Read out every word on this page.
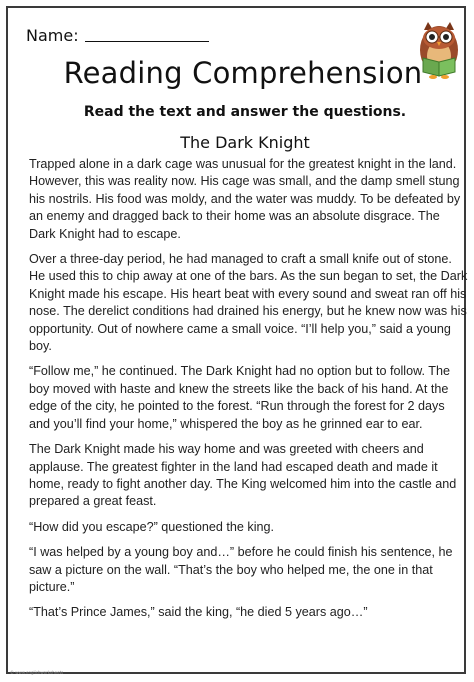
Name:
Reading Comprehension
Read the text and answer the questions.
The Dark Knight

Trapped alone in a dark cage was unusual for the greatest knight in the land. However, this was reality now. His cage was small, and the damp smell stung his nostrils. His food was moldy, and the water was muddy. To be defeated by an enemy and dragged back to their home was an absolute disgrace. The Dark Knight had to escape.

Over a three-day period, he had managed to craft a small knife out of stone. He used this to chip away at one of the bars. As the sun began to set, the Dark Knight made his escape. His heart beat with every sound and sweat ran off his nose. The derelict conditions had drained his energy, but he knew now was his opportunity. Out of nowhere came a small voice. “I’ll help you,” said a young boy.

“Follow me,” he continued. The Dark Knight had no option but to follow. The boy moved with haste and knew the streets like the back of his hand. At the edge of the city, he pointed to the forest. “Run through the forest for 2 days and you’ll find your home,” whispered the boy as he grinned ear to ear.

The Dark Knight made his way home and was greeted with cheers and applause. The greatest fighter in the land had escaped death and made it home, ready to fight another day. The King welcomed him into the castle and prepared a great feast.

“How did you escape?” questioned the king.

“I was helped by a young boy and…” before he could finish his sentence, he saw a picture on the wall. “That’s the boy who helped me, the one in that picture.”

“That’s Prince James,” said the king, “he died 5 years ago…”

© www.englishworksheets
